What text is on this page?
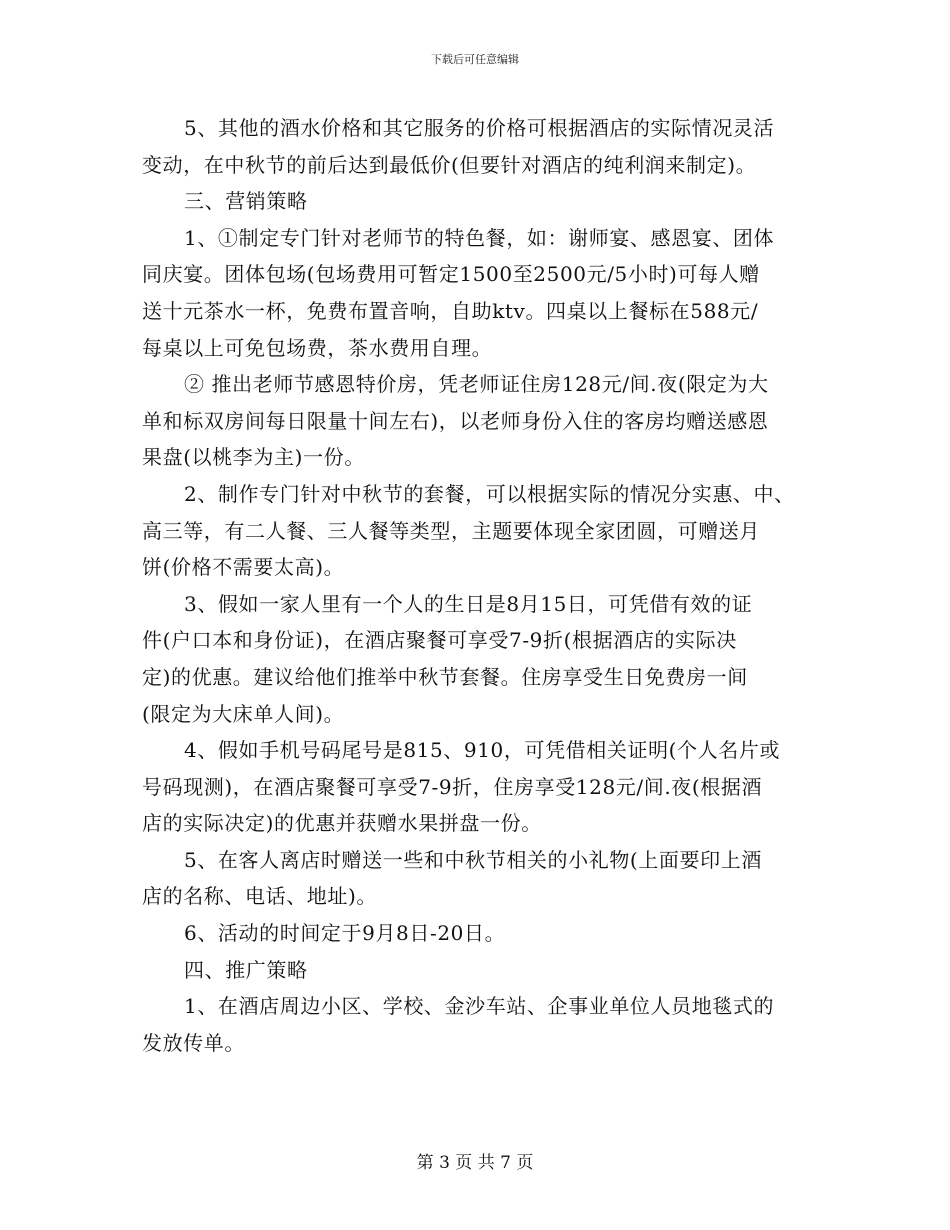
下载后可任意编辑
5、其他的酒水价格和其它服务的价格可根据酒店的实际情况灵活
变动，在中秋节的前后达到最低价(但要针对酒店的纯利润来制定)。
三、营销策略
1、①制定专门针对老师节的特色餐，如：谢师宴、感恩宴、团体
同庆宴。团体包场(包场费用可暂定1500至2500元/5小时)可每人赠
送十元茶水一杯，免费布置音响，自助ktv。四桌以上餐标在588元/
每桌以上可免包场费，茶水费用自理。
② 推出老师节感恩特价房，凭老师证住房128元/间.夜(限定为大
单和标双房间每日限量十间左右)，以老师身份入住的客房均赠送感恩
果盘(以桃李为主)一份。
2、制作专门针对中秋节的套餐，可以根据实际的情况分实惠、中、
高三等，有二人餐、三人餐等类型，主题要体现全家团圆，可赠送月
饼(价格不需要太高)。
3、假如一家人里有一个人的生日是8月15日，可凭借有效的证
件(户口本和身份证)，在酒店聚餐可享受7-9折(根据酒店的实际决
定)的优惠。建议给他们推举中秋节套餐。住房享受生日免费房一间
(限定为大床单人间)。
4、假如手机号码尾号是815、910，可凭借相关证明(个人名片或
号码现测)，在酒店聚餐可享受7-9折，住房享受128元/间.夜(根据酒
店的实际决定)的优惠并获赠水果拼盘一份。
5、在客人离店时赠送一些和中秋节相关的小礼物(上面要印上酒
店的名称、电话、地址)。
6、活动的时间定于9月8日-20日。
四、推广策略
1、在酒店周边小区、学校、金沙车站、企事业单位人员地毯式的
发放传单。
第 3 页 共 7 页
